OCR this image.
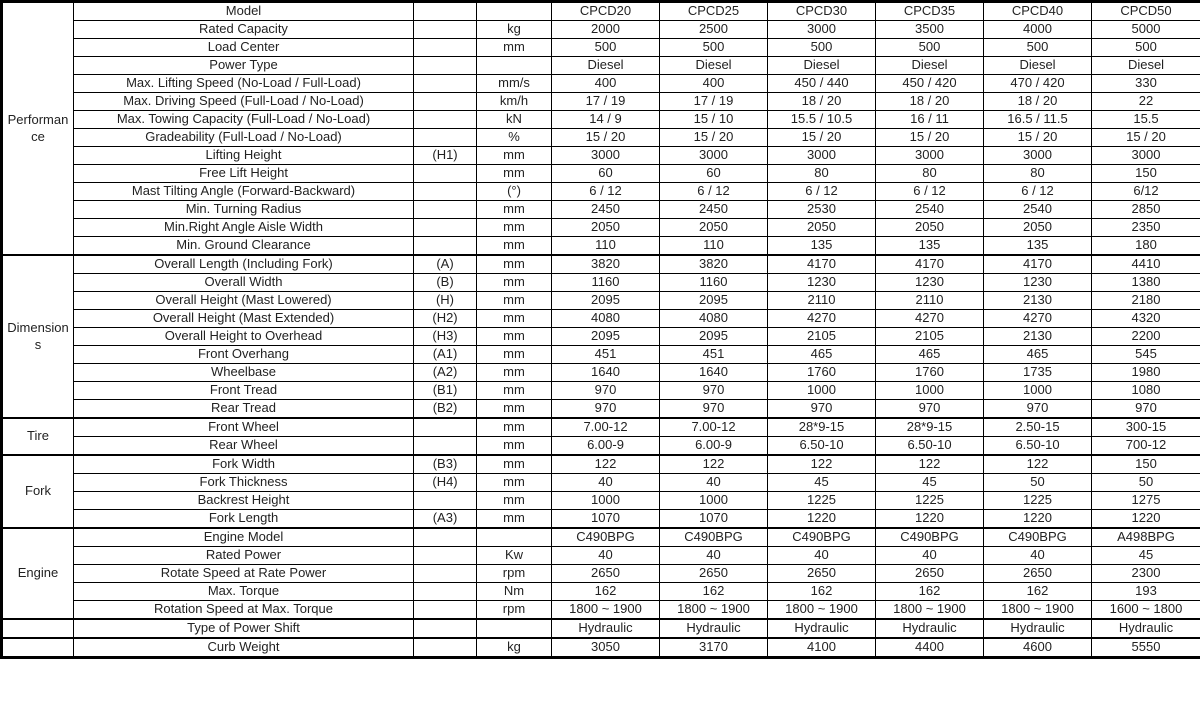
Performance	Model			CPCD20	CPCD25	CPCD30	CPCD35	CPCD40	CPCD50
	Rated Capacity		kg	2000	2500	3000	3500	4000	5000
	Load Center		mm	500	500	500	500	500	500
	Power Type			Diesel	Diesel	Diesel	Diesel	Diesel	Diesel
	Max. Lifting Speed (No-Load / Full-Load)		mm/s	400	400	450 / 440	450 / 420	470 / 420	330
	Max. Driving Speed (Full-Load / No-Load)		km/h	17 / 19	17 / 19	18 / 20	18 / 20	18 / 20	22
	Max. Towing Capacity (Full-Load / No-Load)		kN	14 / 9	15 / 10	15.5 / 10.5	16 / 11	16.5 / 11.5	15.5
	Gradeability (Full-Load / No-Load)		%	15 / 20	15 / 20	15 / 20	15 / 20	15 / 20	15 / 20
	Lifting Height	(H1)	mm	3000	3000	3000	3000	3000	3000
	Free Lift Height		mm	60	60	80	80	80	150
	Mast Tilting Angle (Forward-Backward)		(°)	6 / 12	6 / 12	6 / 12	6 / 12	6 / 12	6/12
	Min. Turning Radius		mm	2450	2450	2530	2540	2540	2850
	Min.Right Angle Aisle Width		mm	2050	2050	2050	2050	2050	2350
	Min. Ground Clearance		mm	110	110	135	135	135	180
Dimensions	Overall Length (Including Fork)	(A)	mm	3820	3820	4170	4170	4170	4410
	Overall Width	(B)	mm	1160	1160	1230	1230	1230	1380
	Overall Height (Mast Lowered)	(H)	mm	2095	2095	2110	2110	2130	2180
	Overall Height (Mast Extended)	(H2)	mm	4080	4080	4270	4270	4270	4320
	Overall Height to Overhead	(H3)	mm	2095	2095	2105	2105	2130	2200
	Front Overhang	(A1)	mm	451	451	465	465	465	545
	Wheelbase	(A2)	mm	1640	1640	1760	1760	1735	1980
	Front Tread	(B1)	mm	970	970	1000	1000	1000	1080
	Rear Tread	(B2)	mm	970	970	970	970	970	970
Tire	Front Wheel		mm	7.00-12	7.00-12	28*9-15	28*9-15	2.50-15	300-15
	Rear Wheel		mm	6.00-9	6.00-9	6.50-10	6.50-10	6.50-10	700-12
Fork	Fork Width	(B3)	mm	122	122	122	122	122	150
	Fork Thickness	(H4)	mm	40	40	45	45	50	50
	Backrest Height		mm	1000	1000	1225	1225	1225	1275
	Fork Length	(A3)	mm	1070	1070	1220	1220	1220	1220
Engine	Engine Model			C490BPG	C490BPG	C490BPG	C490BPG	C490BPG	A498BPG
	Rated Power		Kw	40	40	40	40	40	45
	Rotate Speed at Rate Power		rpm	2650	2650	2650	2650	2650	2300
	Max. Torque		Nm	162	162	162	162	162	193
	Rotation Speed at Max. Torque		rpm	1800 ~ 1900	1800 ~ 1900	1800 ~ 1900	1800 ~ 1900	1800 ~ 1900	1600 ~ 1800
	Type of Power Shift			Hydraulic	Hydraulic	Hydraulic	Hydraulic	Hydraulic	Hydraulic
	Curb Weight		kg	3050	3170	4100	4400	4600	5550
